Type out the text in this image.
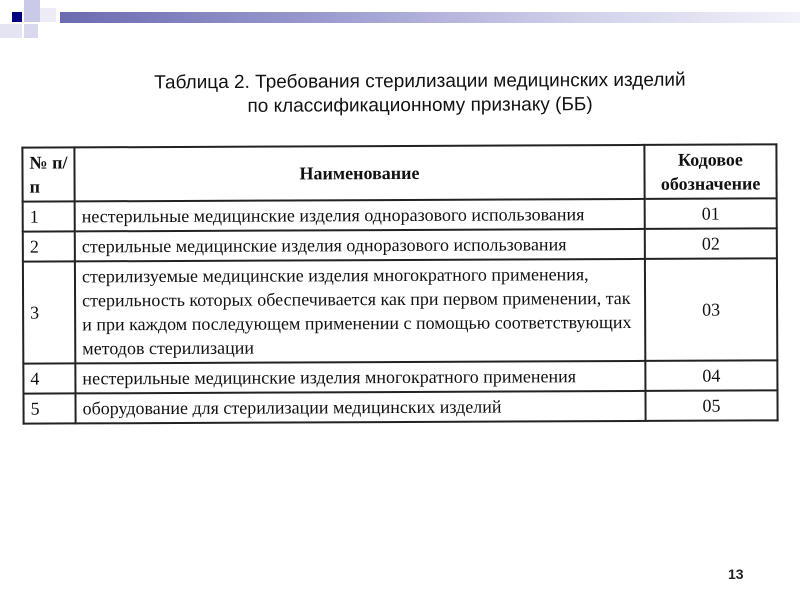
Таблица 2. Требования стерилизации медицинских изделий
по классификационному признаку (ББ)
№ п/п	Наименование	Кодовое обозначение
1	нестерильные медицинские изделия одноразового использования	01
2	стерильные медицинские изделия одноразового использования	02
3	стерилизуемые медицинские изделия многократного применения, стерильность которых обеспечивается как при первом применении, так и при каждом последующем применении с помощью соответствующих методов стерилизации	03
4	нестерильные медицинские изделия многократного применения	04
5	оборудование для стерилизации медицинских изделий	05
13
